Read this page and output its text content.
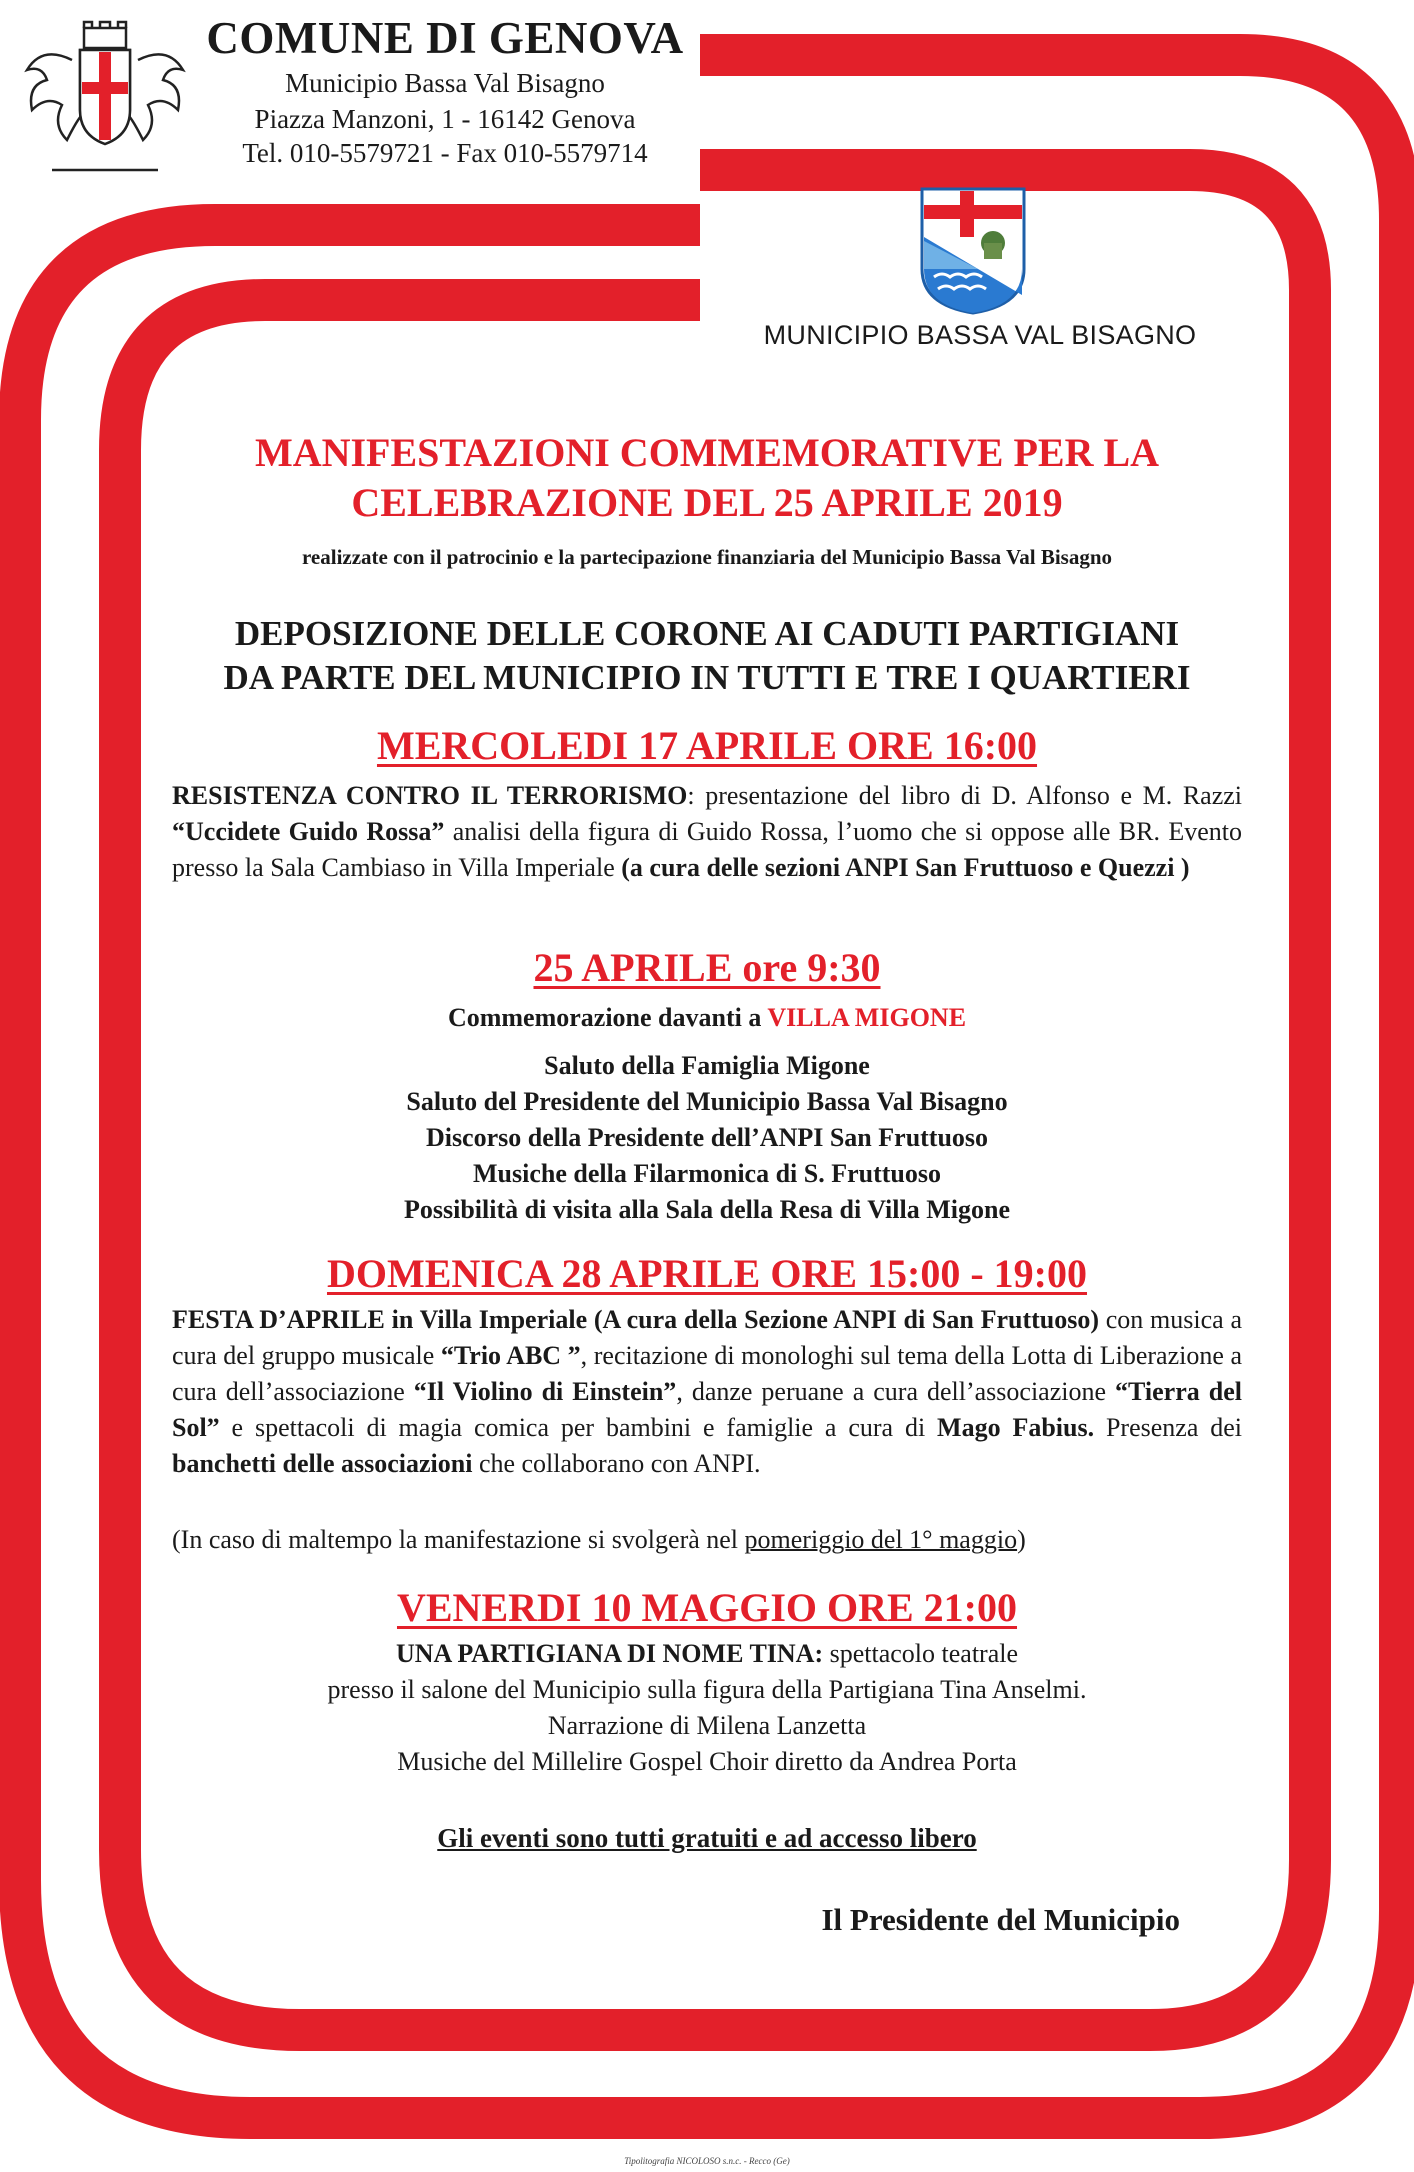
COMUNE DI GENOVA
Municipio Bassa Val Bisagno
Piazza Manzoni, 1 - 16142 Genova
Tel. 010-5579721 - Fax 010-5579714
MUNICIPIO BASSA VAL BISAGNO
MANIFESTAZIONI COMMEMORATIVE PER LA
CELEBRAZIONE DEL 25 APRILE 2019
realizzate con il patrocinio e la partecipazione finanziaria del Municipio Bassa Val Bisagno
DEPOSIZIONE DELLE CORONE AI CADUTI PARTIGIANI
DA PARTE DEL MUNICIPIO IN TUTTI E TRE I QUARTIERI
MERCOLEDI 17 APRILE ORE 16:00
RESISTENZA CONTRO IL TERRORISMO: presentazione del libro di D. Alfonso e M. Razzi “Uccidete Guido Rossa” analisi della figura di Guido Rossa, l’uomo che si oppose alle BR. Evento presso la Sala Cambiaso in Villa Imperiale (a cura delle sezioni ANPI San Fruttuoso e Quezzi )
25 APRILE ore 9:30
Commemorazione davanti a VILLA MIGONE
Saluto della Famiglia Migone
Saluto del Presidente del Municipio Bassa Val Bisagno
Discorso della Presidente dell’ANPI San Fruttuoso
Musiche della Filarmonica di S. Fruttuoso
Possibilità di visita alla Sala della Resa di Villa Migone
DOMENICA 28 APRILE ORE 15:00 - 19:00
FESTA D’APRILE in Villa Imperiale (A cura della Sezione ANPI di San Fruttuoso) con musica a cura del gruppo musicale “Trio ABC ”, recitazione di monologhi sul tema della Lotta di Liberazione a cura dell’associazione “Il Violino di Einstein”, danze peruane a cura dell’associazione “Tierra del Sol” e spettacoli di magia comica per bambini e famiglie a cura di Mago Fabius. Presenza dei banchetti delle associazioni che collaborano con ANPI.
(In caso di maltempo la manifestazione si svolgerà nel pomeriggio del 1° maggio)
VENERDI 10 MAGGIO ORE 21:00
UNA PARTIGIANA DI NOME TINA: spettacolo teatrale
presso il salone del Municipio sulla figura della Partigiana Tina Anselmi.
Narrazione di Milena Lanzetta
Musiche del Millelire Gospel Choir diretto da Andrea Porta
Gli eventi sono tutti gratuiti e ad accesso libero
Il Presidente del Municipio
Tipolitografia NICOLOSO s.n.c. - Recco (Ge)
